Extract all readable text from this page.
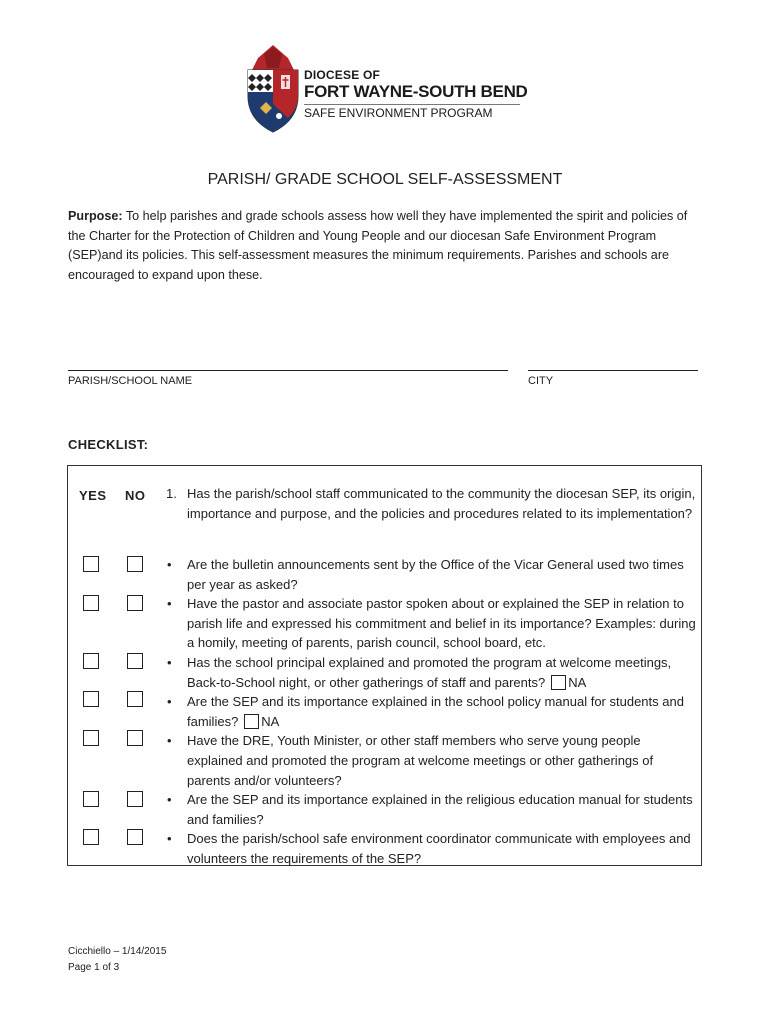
DIOCESE OF
FORT WAYNE-SOUTH BEND
SAFE ENVIRONMENT PROGRAM
PARISH/ GRADE SCHOOL SELF-ASSESSMENT
Purpose: To help parishes and grade schools assess how well they have implemented the spirit and policies of the Charter for the Protection of Children and Young People and our diocesan Safe Environment Program (SEP)and its policies. This self-assessment measures the minimum requirements. Parishes and schools are encouraged to expand upon these.
PARISH/SCHOOL NAME	CITY
CHECKLIST:
YES NO 1. Has the parish/school staff communicated to the community the diocesan SEP, its origin, importance and purpose, and the policies and procedures related to its implementation?
•
Are the bulletin announcements sent by the Office of the Vicar General used two times per year as asked?
•
Have the pastor and associate pastor spoken about or explained the SEP in relation to parish life and expressed his commitment and belief in its importance? Examples: during a homily, meeting of parents, parish council, school board, etc.
•
Has the school principal explained and promoted the program at welcome meetings, Back-to-School night, or other gatherings of staff and parents? NA
•
Are the SEP and its importance explained in the school policy manual for students and families? NA
•
Have the DRE, Youth Minister, or other staff members who serve young people explained and promoted the program at welcome meetings or other gatherings of parents and/or volunteers?
•
Are the SEP and its importance explained in the religious education manual for students and families?
•
Does the parish/school safe environment coordinator communicate with employees and volunteers the requirements of the SEP?
Cicchiello – 1/14/2015
Page 1 of 3
